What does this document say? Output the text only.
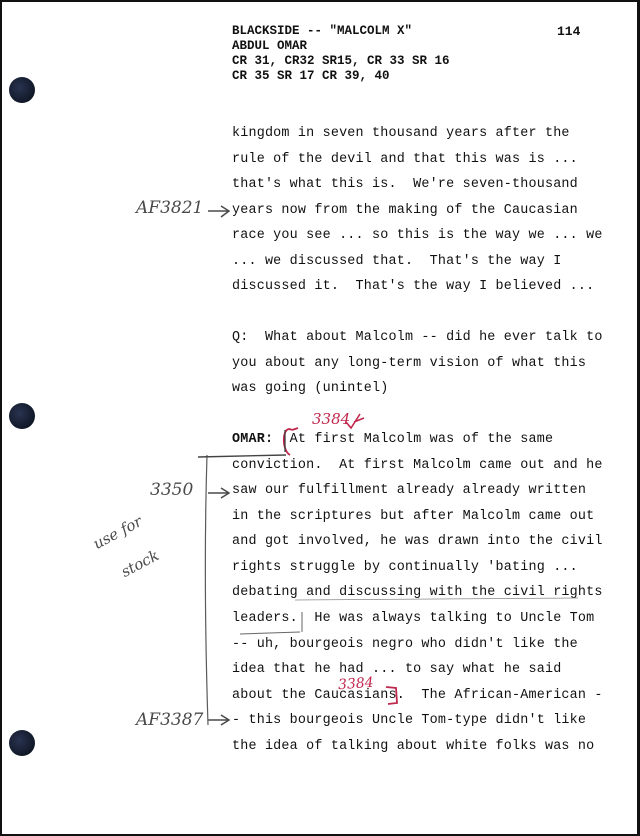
BLACKSIDE -- "MALCOLM X"
ABDUL OMAR
CR 31, CR32 SR15, CR 33 SR 16
CR 35 SR 17 CR 39, 40
114
kingdom in seven thousand years after the
rule of the devil and that this was is ...
that's what this is.  We're seven-thousand
years now from the making of the Caucasian
race you see ... so this is the way we ... we
... we discussed that.  That's the way I
discussed it.  That's the way I believed ...
Q:  What about Malcolm -- did he ever talk to
you about any long-term vision of what this
was going (unintel)
OMAR:  At first Malcolm was of the same
conviction.  At first Malcolm came out and he
saw our fulfillment already already written
in the scriptures but after Malcolm came out
and got involved, he was drawn into the civil
rights struggle by continually 'bating ...
debating and discussing with the civil rights
leaders.  He was always talking to Uncle Tom
-- uh, bourgeois negro who didn't like the
idea that he had ... to say what he said
about the Caucasians.  The African-American -
- this bourgeois Uncle Tom-type didn't like
the idea of talking about white folks was no
AF3821
3350
use for
stock
AF3387
3384
3384
